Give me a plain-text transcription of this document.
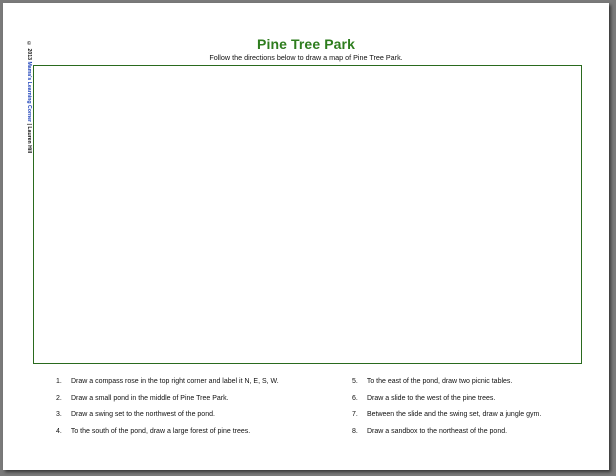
© 2013 Mama's Learning Corner | Lauren Hill
Pine Tree Park
Follow the directions below to draw a map of Pine Tree Park.
1. Draw a compass rose in the top right corner and label it N, E, S, W.
2. Draw a small pond in the middle of Pine Tree Park.
3. Draw a swing set to the northwest of the pond.
4. To the south of the pond, draw a large forest of pine trees.
5. To the east of the pond, draw two picnic tables.
6. Draw a slide to the west of the pine trees.
7. Between the slide and the swing set, draw a jungle gym.
8. Draw a sandbox to the northeast of the pond.
